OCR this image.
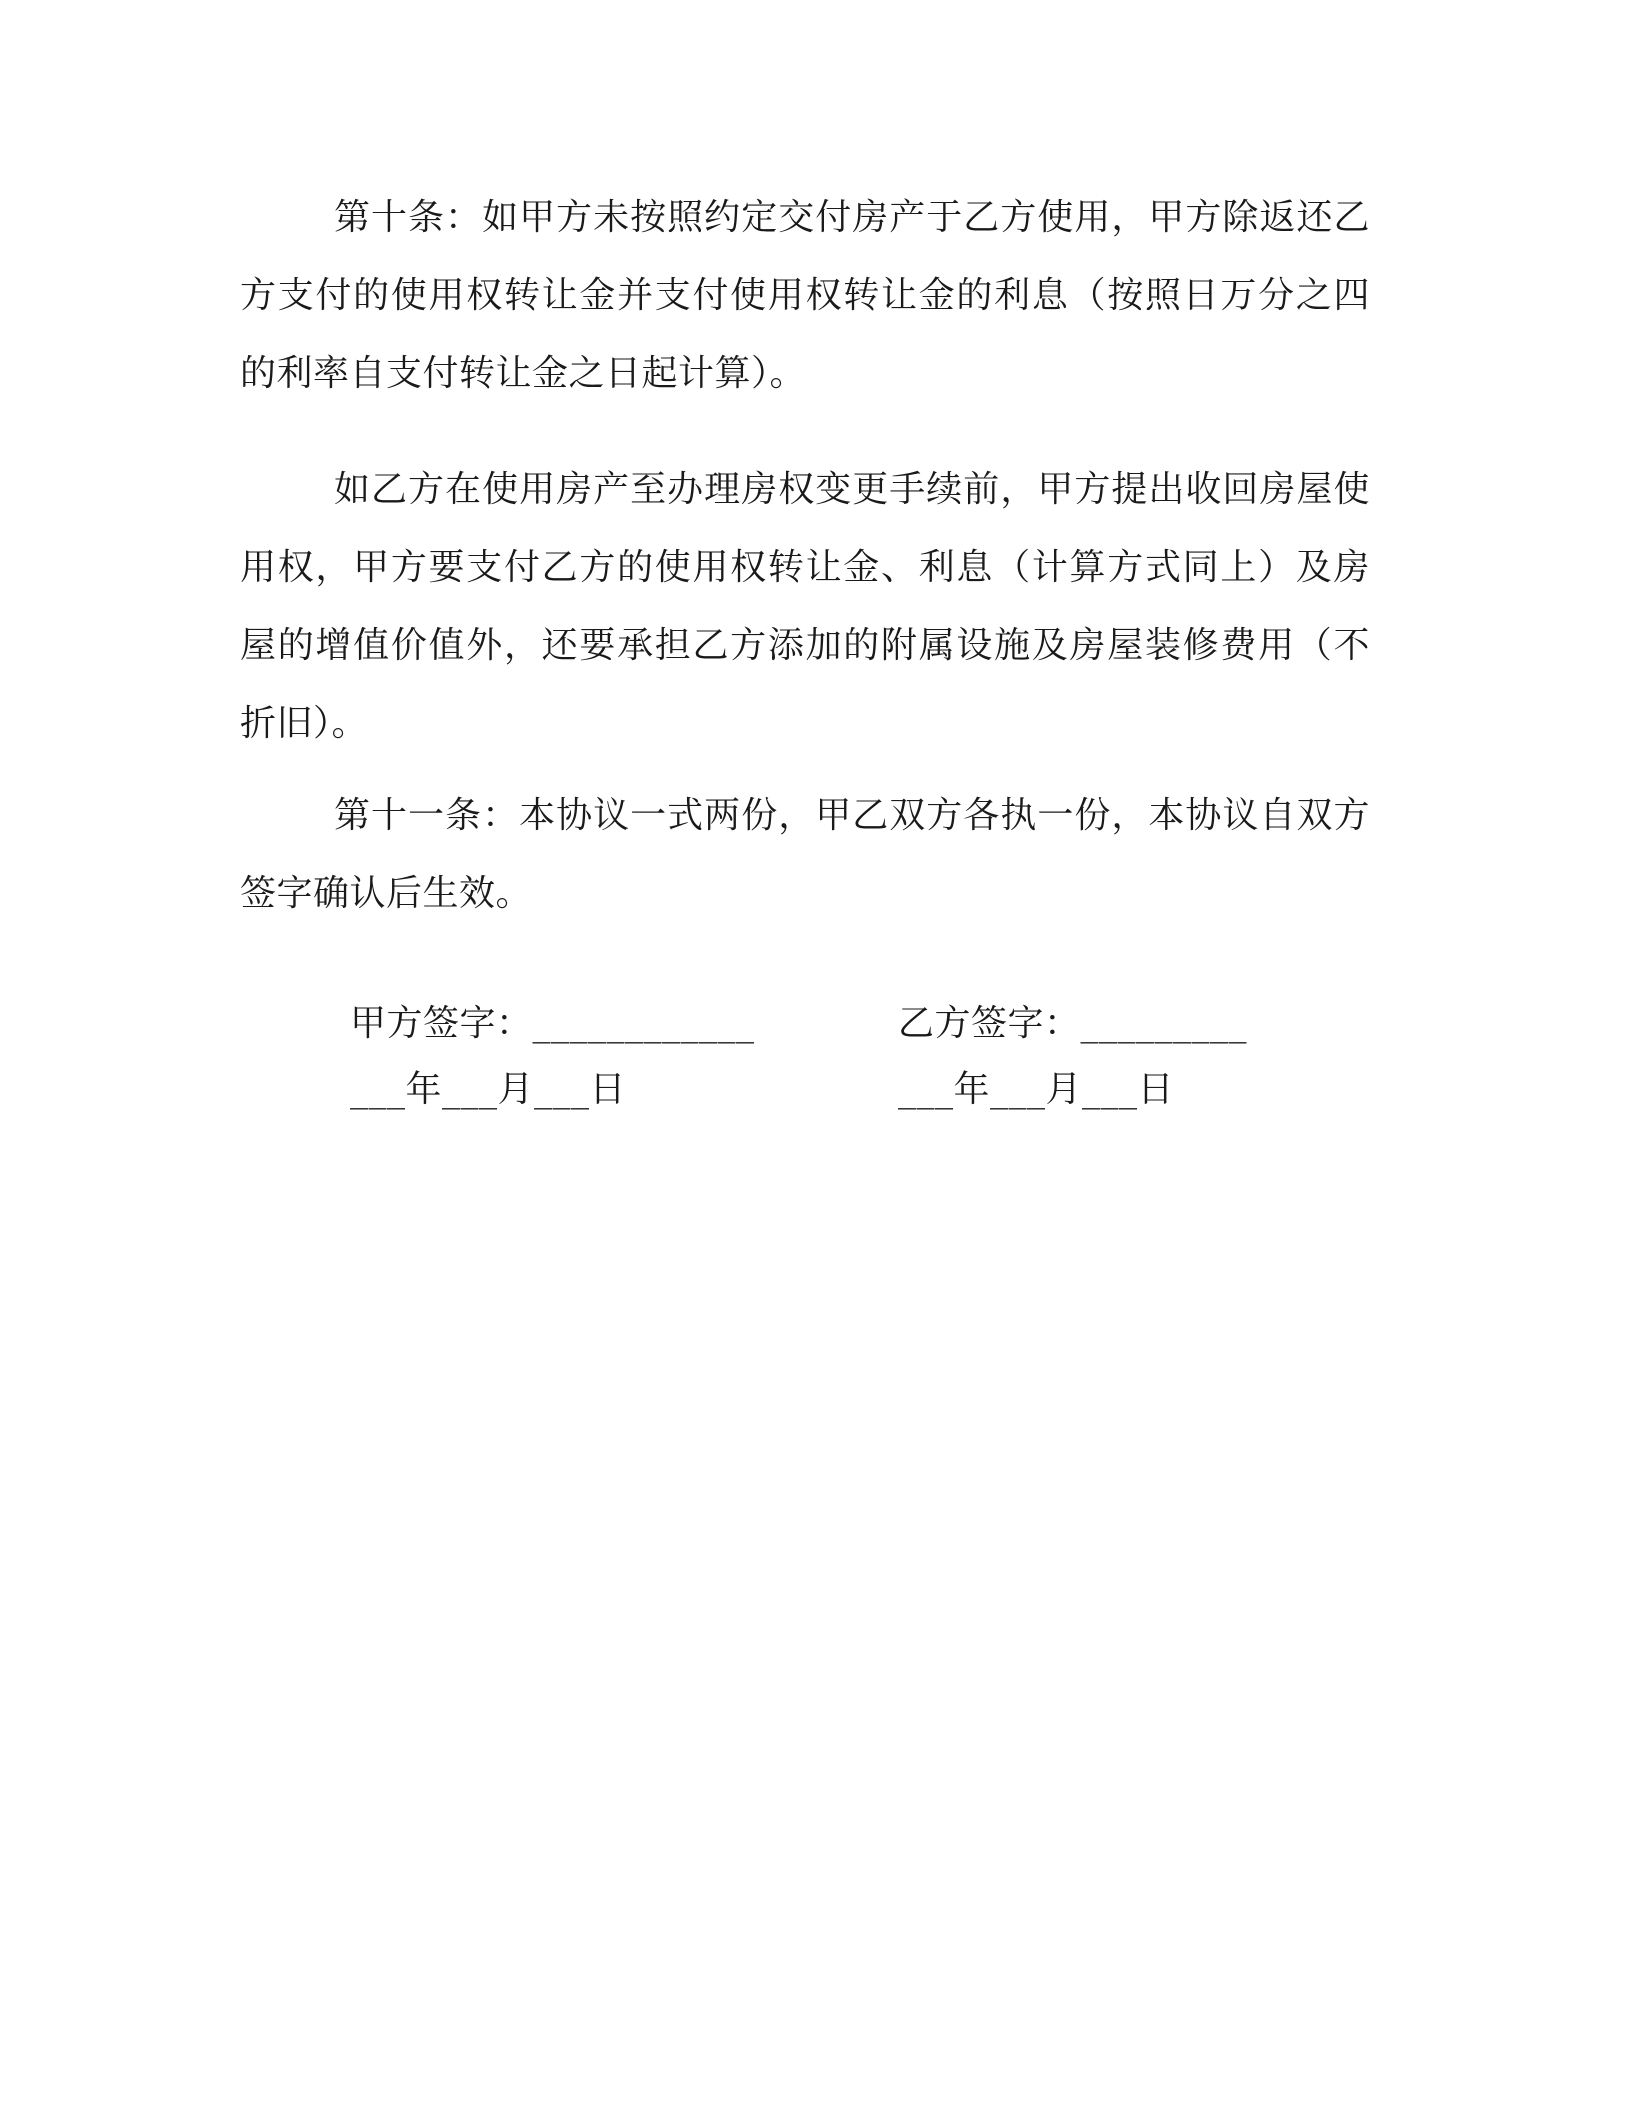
第十条：如甲方未按照约定交付房产于乙方使用，甲方除返还乙方支付的使用权转让金并支付使用权转让金的利息（按照日万分之四的利率自支付转让金之日起计算）。

如乙方在使用房产至办理房权变更手续前，甲方提出收回房屋使用权，甲方要支付乙方的使用权转让金、利息（计算方式同上）及房屋的增值价值外，还要承担乙方添加的附属设施及房屋装修费用（不折旧）。

第十一条：本协议一式两份，甲乙双方各执一份，本协议自双方签字确认后生效。

甲方签字：____________
___年___月___日
乙方签字：_________
___年___月___日
